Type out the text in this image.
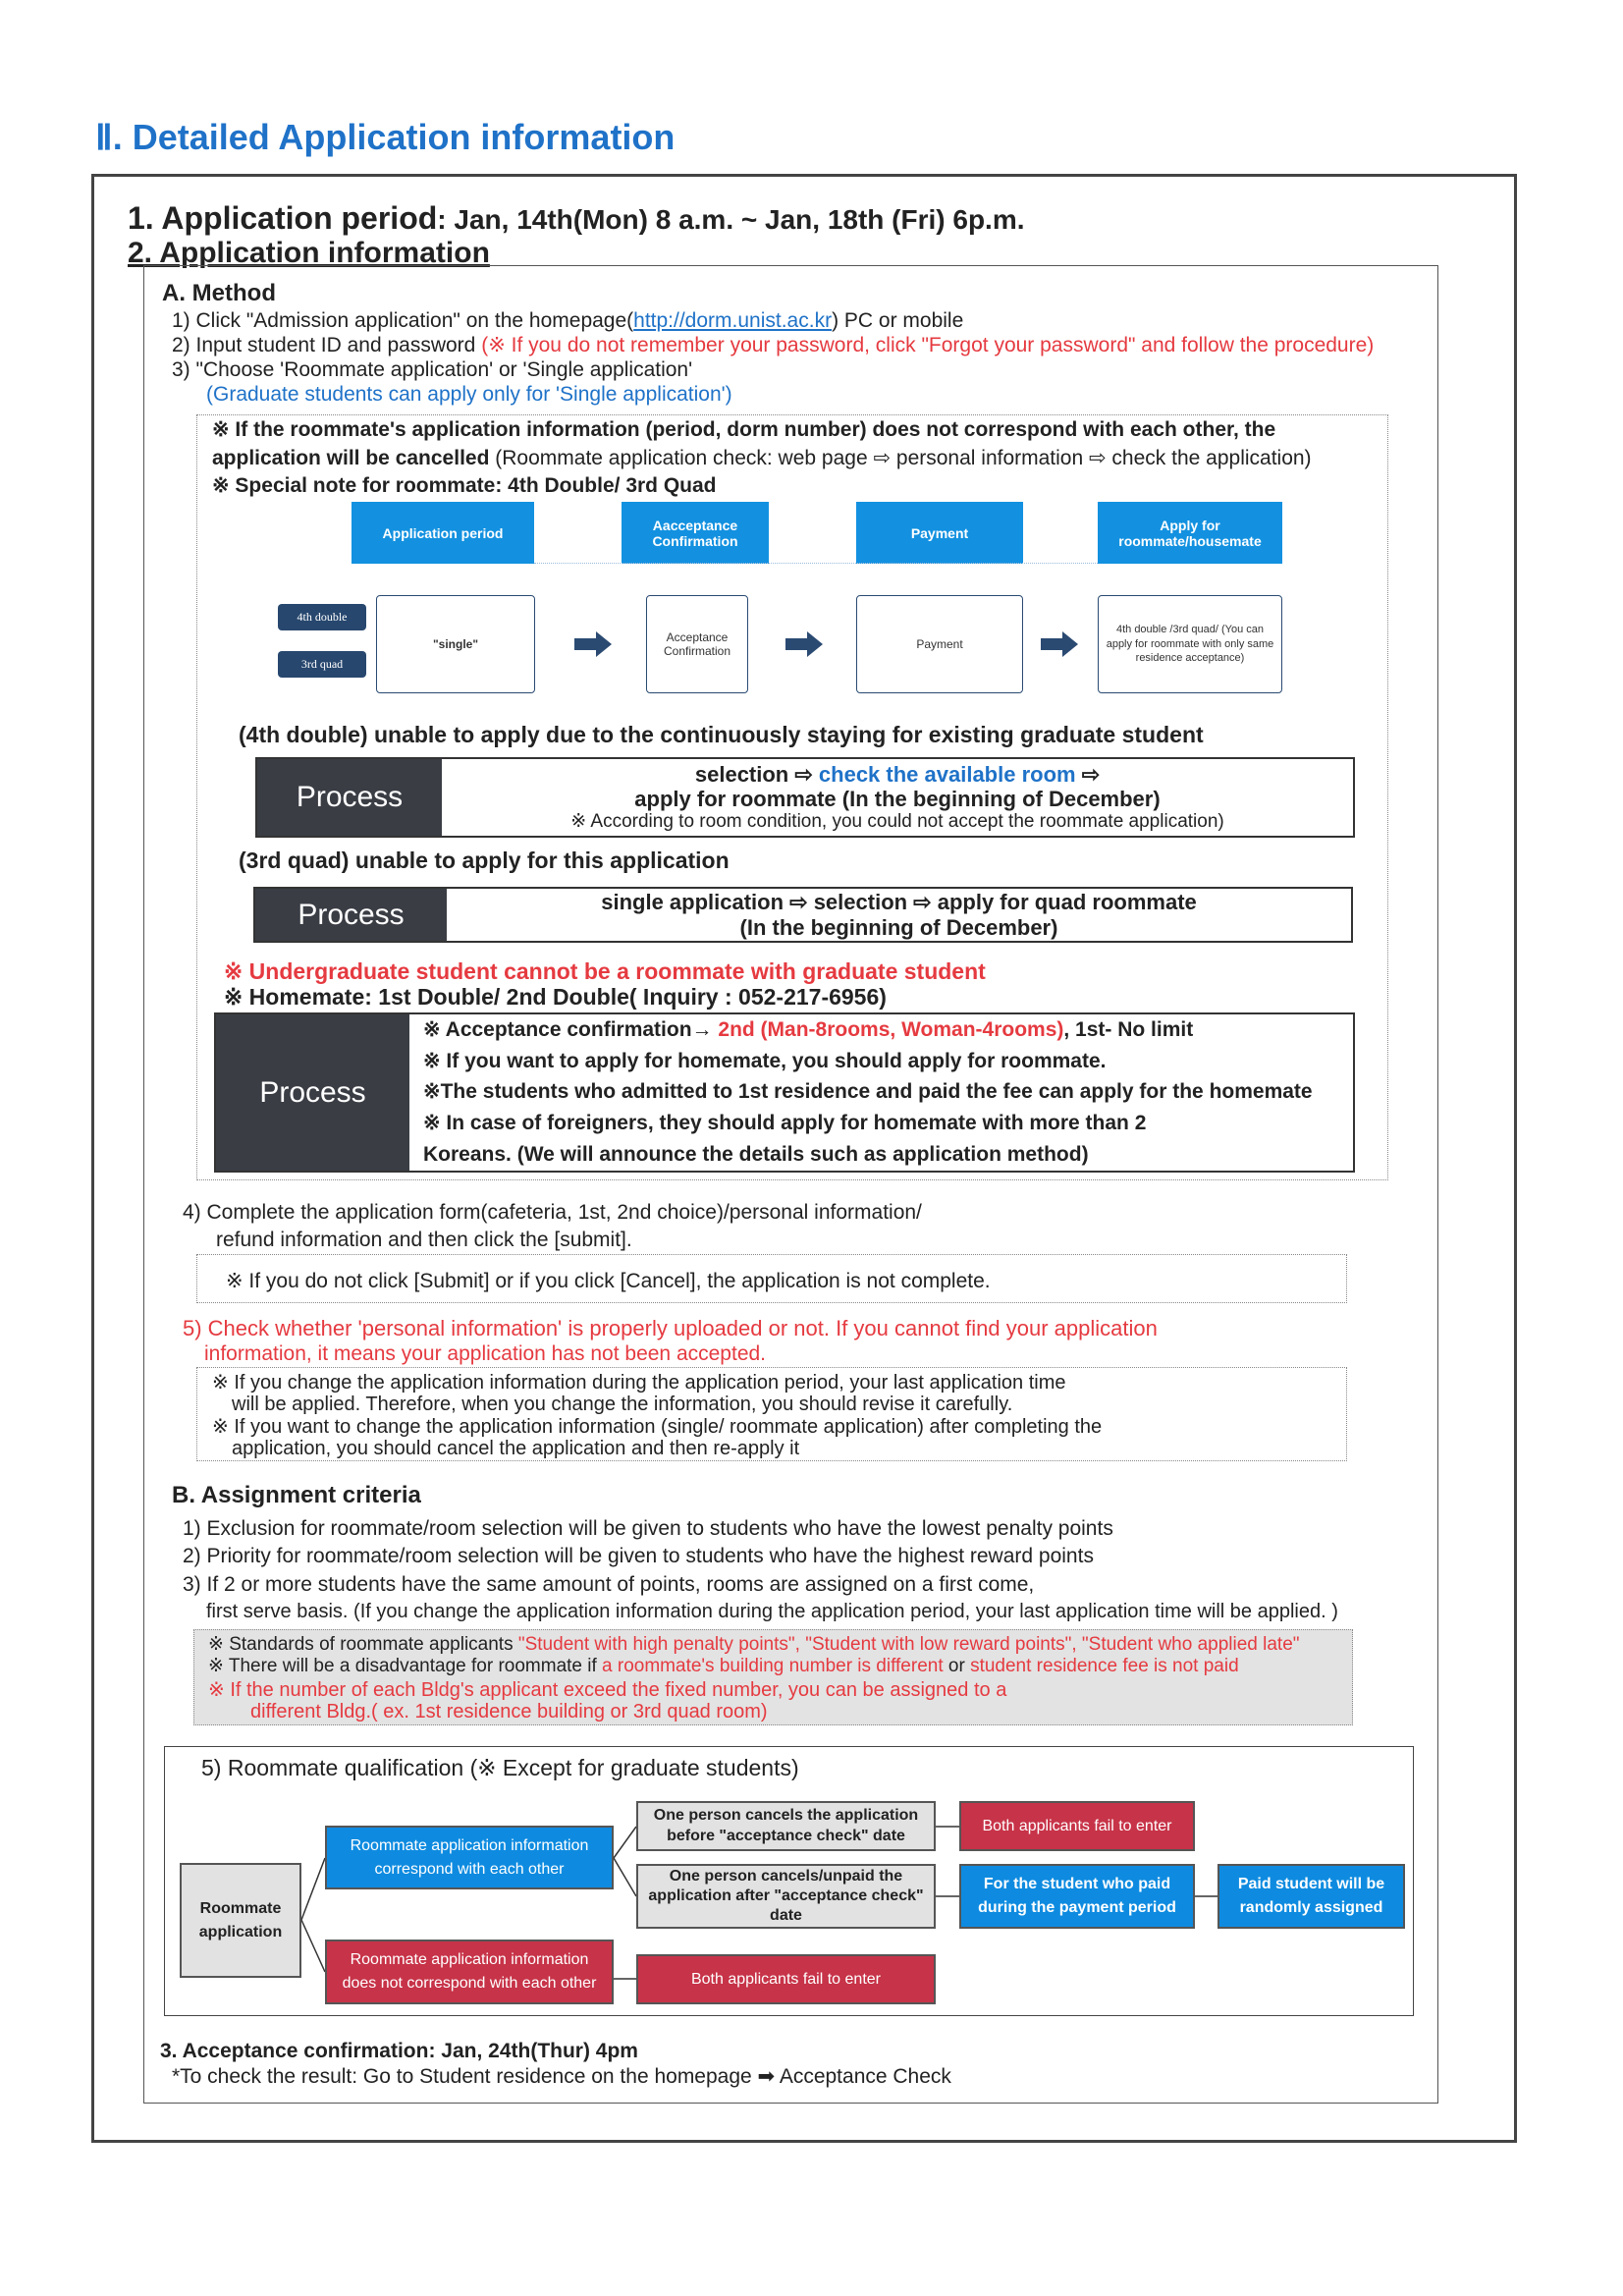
Ⅱ. Detailed Application information
1. Application period: Jan, 14th(Mon) 8 a.m. ~ Jan, 18th (Fri) 6p.m.
2. Application information
A. Method
1) Click "Admission application" on the homepage(http://dorm.unist.ac.kr) PC or mobile
2) Input student ID and password (※ If you do not remember your password, click "Forgot your password" and follow the procedure)
3) "Choose 'Roommate application' or 'Single application'
(Graduate students can apply only for 'Single application')
※ If the roommate's application information (period, dorm number) does not correspond with each other, the
application will be cancelled (Roommate application check: web page ⇨ personal information ⇨ check the application)
※ Special note for roommate: 4th Double/ 3rd Quad
Application period	Aacceptance Confirmation	Payment	Apply for roommate/housemate
4th double
3rd quad
"single"	Acceptance Confirmation	Payment
4th double /3rd quad/ (You can apply for roommate with only same residence acceptance)
(4th double) unable to apply due to the continuously staying for existing graduate student
Process
selection ⇨ check the available room ⇨
apply for roommate (In the beginning of December)
※ According to room condition, you could not accept the roommate application)
(3rd quad) unable to apply for this application
Process	single application ⇨ selection ⇨ apply for quad roommate
(In the beginning of December)
※ Undergraduate student cannot be a roommate with graduate student
※ Homemate: 1st Double/ 2nd Double( Inquiry : 052-217-6956)
Process
※ Acceptance confirmation→ 2nd (Man-8rooms, Woman-4rooms), 1st- No limit
※ If you want to apply for homemate, you should apply for roommate.
※The students who admitted to 1st residence and paid the fee can apply for the homemate
※ In case of foreigners, they should apply for homemate with more than 2
Koreans. (We will announce the details such as application method)
4) Complete the application form(cafeteria, 1st, 2nd choice)/personal information/
refund information and then click the [submit].
※ If you do not click [Submit] or if you click [Cancel], the application is not complete.
5) Check whether 'personal information' is properly uploaded or not. If you cannot find your application
information, it means your application has not been accepted.
※ If you change the application information during the application period, your last application time
will be applied. Therefore, when you change the information, you should revise it carefully.
※ If you want to change the application information (single/ roommate application) after completing the
application, you should cancel the application and then re-apply it
B. Assignment criteria
1) Exclusion for roommate/room selection will be given to students who have the lowest penalty points
2) Priority for roommate/room selection will be given to students who have the highest reward points
3) If 2 or more students have the same amount of points, rooms are assigned on a first come,
first serve basis. (If you change the application information during the application period, your last application time will be applied. )
※ Standards of roommate applicants "Student with high penalty points", "Student with low reward points", "Student who applied late"
※ There will be a disadvantage for roommate if a roommate's building number is different or student residence fee is not paid
※ If the number of each Bldg's applicant exceed the fixed number, you can be assigned to a
different Bldg.( ex. 1st residence building or 3rd quad room)
5) Roommate qualification (※ Except for graduate students)
Roommate application
Roommate application information correspond with each other
Roommate application information does not correspond with each other
One person cancels the application before "acceptance check" date
One person cancels/unpaid the application after "acceptance check" date
Both applicants fail to enter
For the student who paid during the payment period
Paid student will be randomly assigned
Both applicants fail to enter
3. Acceptance confirmation: Jan, 24th(Thur) 4pm
*To check the result: Go to Student residence on the homepage ➡ Acceptance Check
